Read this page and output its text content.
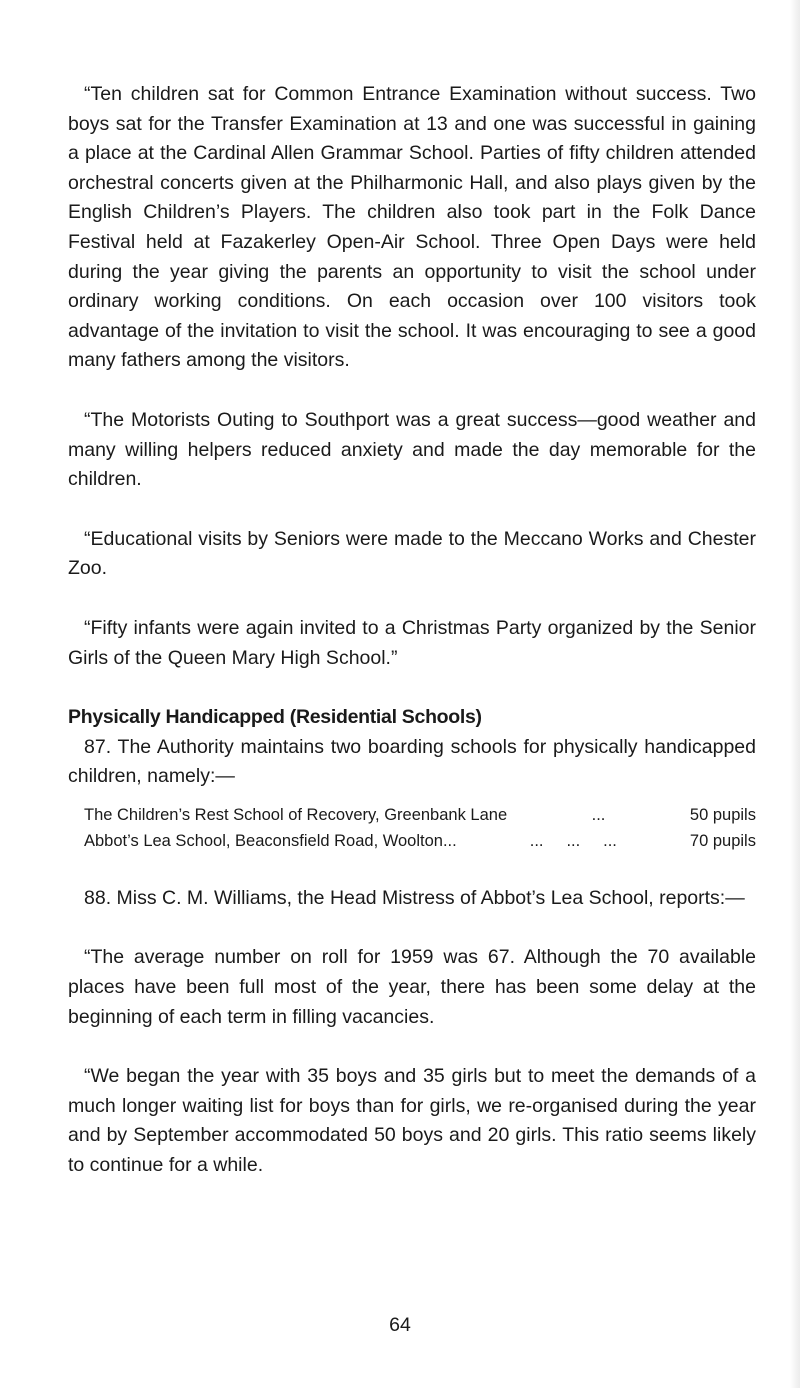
“Ten children sat for Common Entrance Examination without success. Two boys sat for the Transfer Examination at 13 and one was successful in gaining a place at the Cardinal Allen Grammar School. Parties of fifty children attended orchestral concerts given at the Philharmonic Hall, and also plays given by the English Children’s Players. The children also took part in the Folk Dance Festival held at Fazakerley Open-Air School. Three Open Days were held during the year giving the parents an opportunity to visit the school under ordinary working conditions. On each occasion over 100 visitors took advantage of the invitation to visit the school. It was encouraging to see a good many fathers among the visitors.

“The Motorists Outing to Southport was a great success—good weather and many willing helpers reduced anxiety and made the day memorable for the children.

“Educational visits by Seniors were made to the Meccano Works and Chester Zoo.

“Fifty infants were again invited to a Christmas Party organized by the Senior Girls of the Queen Mary High School.”

Physically Handicapped (Residential Schools)

87. The Authority maintains two boarding schools for physically handicapped children, namely:—

The Children’s Rest School of Recovery, Greenbank Lane	...	50 pupils
Abbot’s Lea School, Beaconsfield Road, Woolton...	...     ...     ...	70 pupils

88. Miss C. M. Williams, the Head Mistress of Abbot’s Lea School, reports:—

“The average number on roll for 1959 was 67. Although the 70 available places have been full most of the year, there has been some delay at the beginning of each term in filling vacancies.

“We began the year with 35 boys and 35 girls but to meet the demands of a much longer waiting list for boys than for girls, we re-organised during the year and by September accommodated 50 boys and 20 girls. This ratio seems likely to continue for a while.

64
